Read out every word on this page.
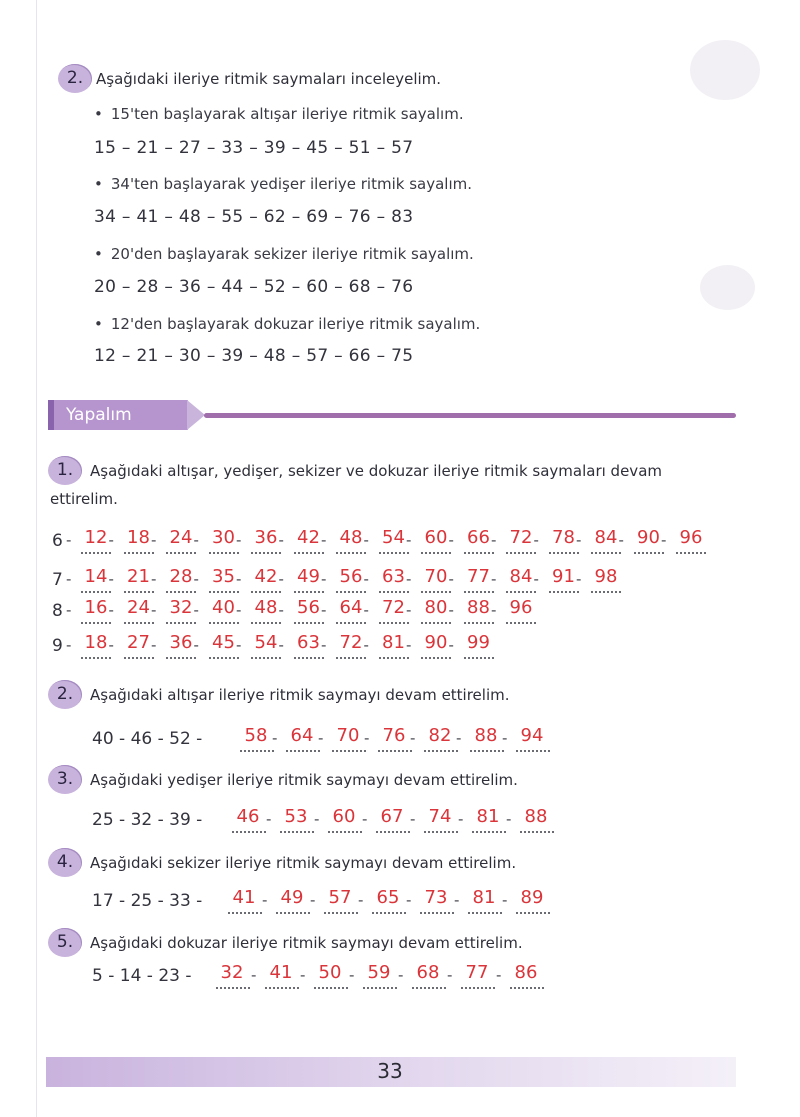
2. Aşağıdaki ileriye ritmik saymaları inceleyelim.
• 15'ten başlayarak altışar ileriye ritmik sayalım.
15 – 21 – 27 – 33 – 39 – 45 – 51 – 57
• 34'ten başlayarak yedişer ileriye ritmik sayalım.
34 – 41 – 48 – 55 – 62 – 69 – 76 – 83
• 20'den başlayarak sekizer ileriye ritmik sayalım.
20 – 28 – 36 – 44 – 52 – 60 – 68 – 76
• 12'den başlayarak dokuzar ileriye ritmik sayalım.
12 – 21 – 30 – 39 – 48 – 57 – 66 – 75
Yapalım
1.	Aşağıdaki altışar, yedişer, sekizer ve dokuzar ileriye ritmik saymaları devam
ettirelim.
6 - 12 - 18 - 24 - 30 - 36 - 42 - 48 - 54 - 60 - 66 - 72 - 78 - 84 - 90 - 96
7 - 14 - 21 - 28 - 35 - 42 - 49 - 56 - 63 - 70 - 77 - 84 - 91 - 98
8 - 16 - 24 - 32 - 40 - 48 - 56 - 64 - 72 - 80 - 88 - 96
9 - 18 - 27 - 36 - 45 - 54 - 63 - 72 - 81 - 90 - 99
2.	Aşağıdaki altışar ileriye ritmik saymayı devam ettirelim.
3.	Aşağıdaki yedişer ileriye ritmik saymayı devam ettirelim.
4.	Aşağıdaki sekizer ileriye ritmik saymayı devam ettirelim.
5.	Aşağıdaki dokuzar ileriye ritmik saymayı devam ettirelim.
40 - 46 - 52 -	58 - 64 - 70 - 76 - 82 - 88 - 94
25 - 32 - 39 -	46 - 53 - 60 - 67 - 74 - 81 - 88
17 - 25 - 33 -	41 - 49 - 57 - 65 - 73 - 81 - 89
5 - 14 - 23 -	32 - 41 - 50 - 59 - 68 - 77 - 86
33
